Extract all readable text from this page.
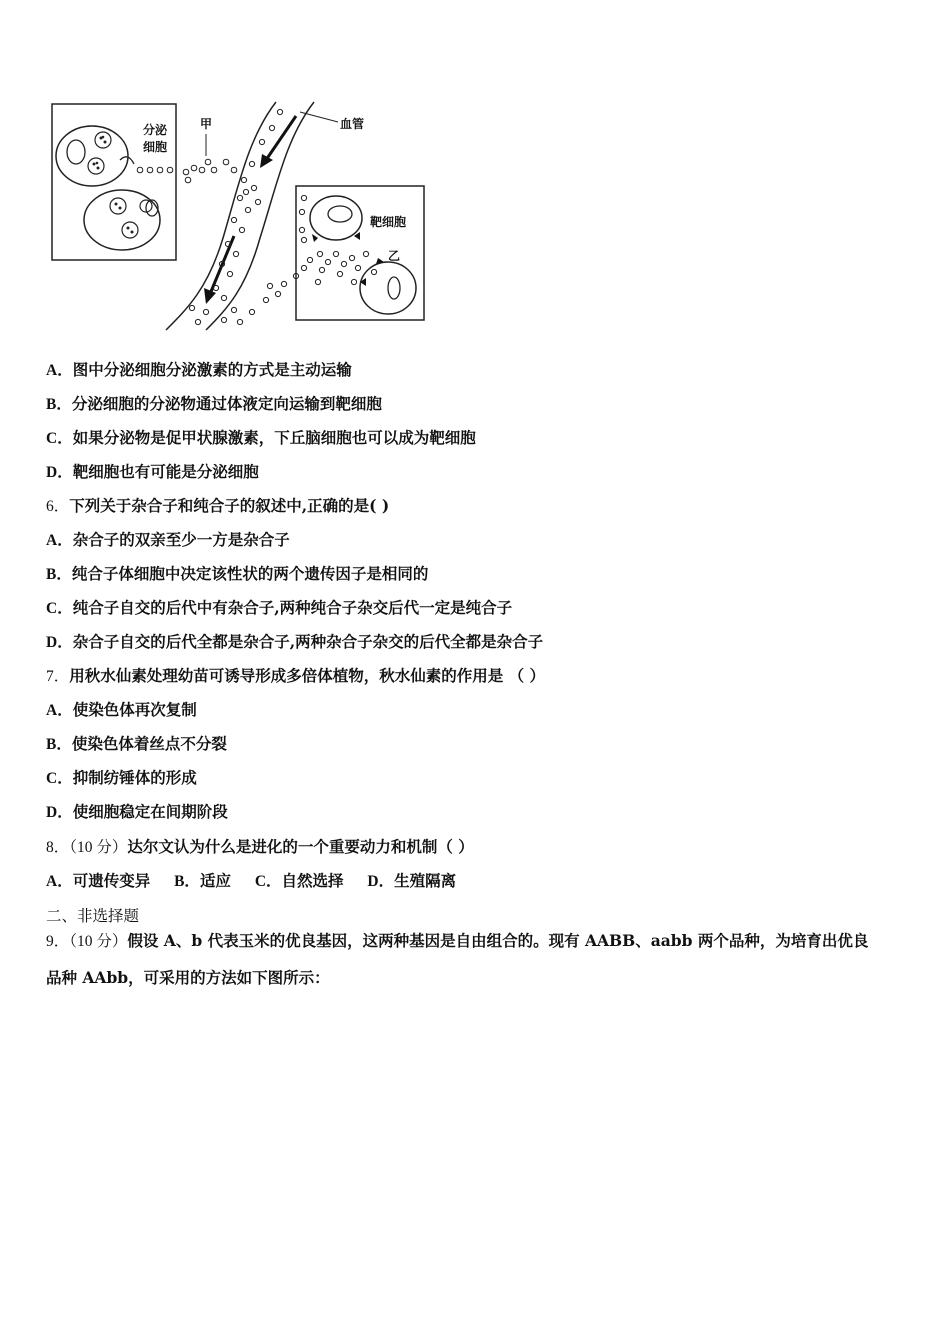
分泌
细胞
甲	血管
靶细胞
乙
A．图中分泌细胞分泌激素的方式是主动运输
B．分泌细胞的分泌物通过体液定向运输到靶细胞
C．如果分泌物是促甲状腺激素，下丘脑细胞也可以成为靶细胞
D．靶细胞也有可能是分泌细胞
6．下列关于杂合子和纯合子的叙述中,正确的是( )
A．杂合子的双亲至少一方是杂合子
B．纯合子体细胞中决定该性状的两个遗传因子是相同的
C．纯合子自交的后代中有杂合子,两种纯合子杂交后代一定是纯合子
D．杂合子自交的后代全都是杂合子,两种杂合子杂交的后代全都是杂合子
7．用秋水仙素处理幼苗可诱导形成多倍体植物，秋水仙素的作用是 （ ）
A．使染色体再次复制
B．使染色体着丝点不分裂
C．抑制纺锤体的形成
D．使细胞稳定在间期阶段
8．（10 分）达尔文认为什么是进化的一个重要动力和机制（ ）
A．可遗传变异 B．适应 C．自然选择 D．生殖隔离
二、非选择题
9．（10 分）假设 A、b 代表玉米的优良基因，这两种基因是自由组合的。现有 AABB、aabb 两个品种，为培育出优良
品种 AAbb，可采用的方法如下图所示：
